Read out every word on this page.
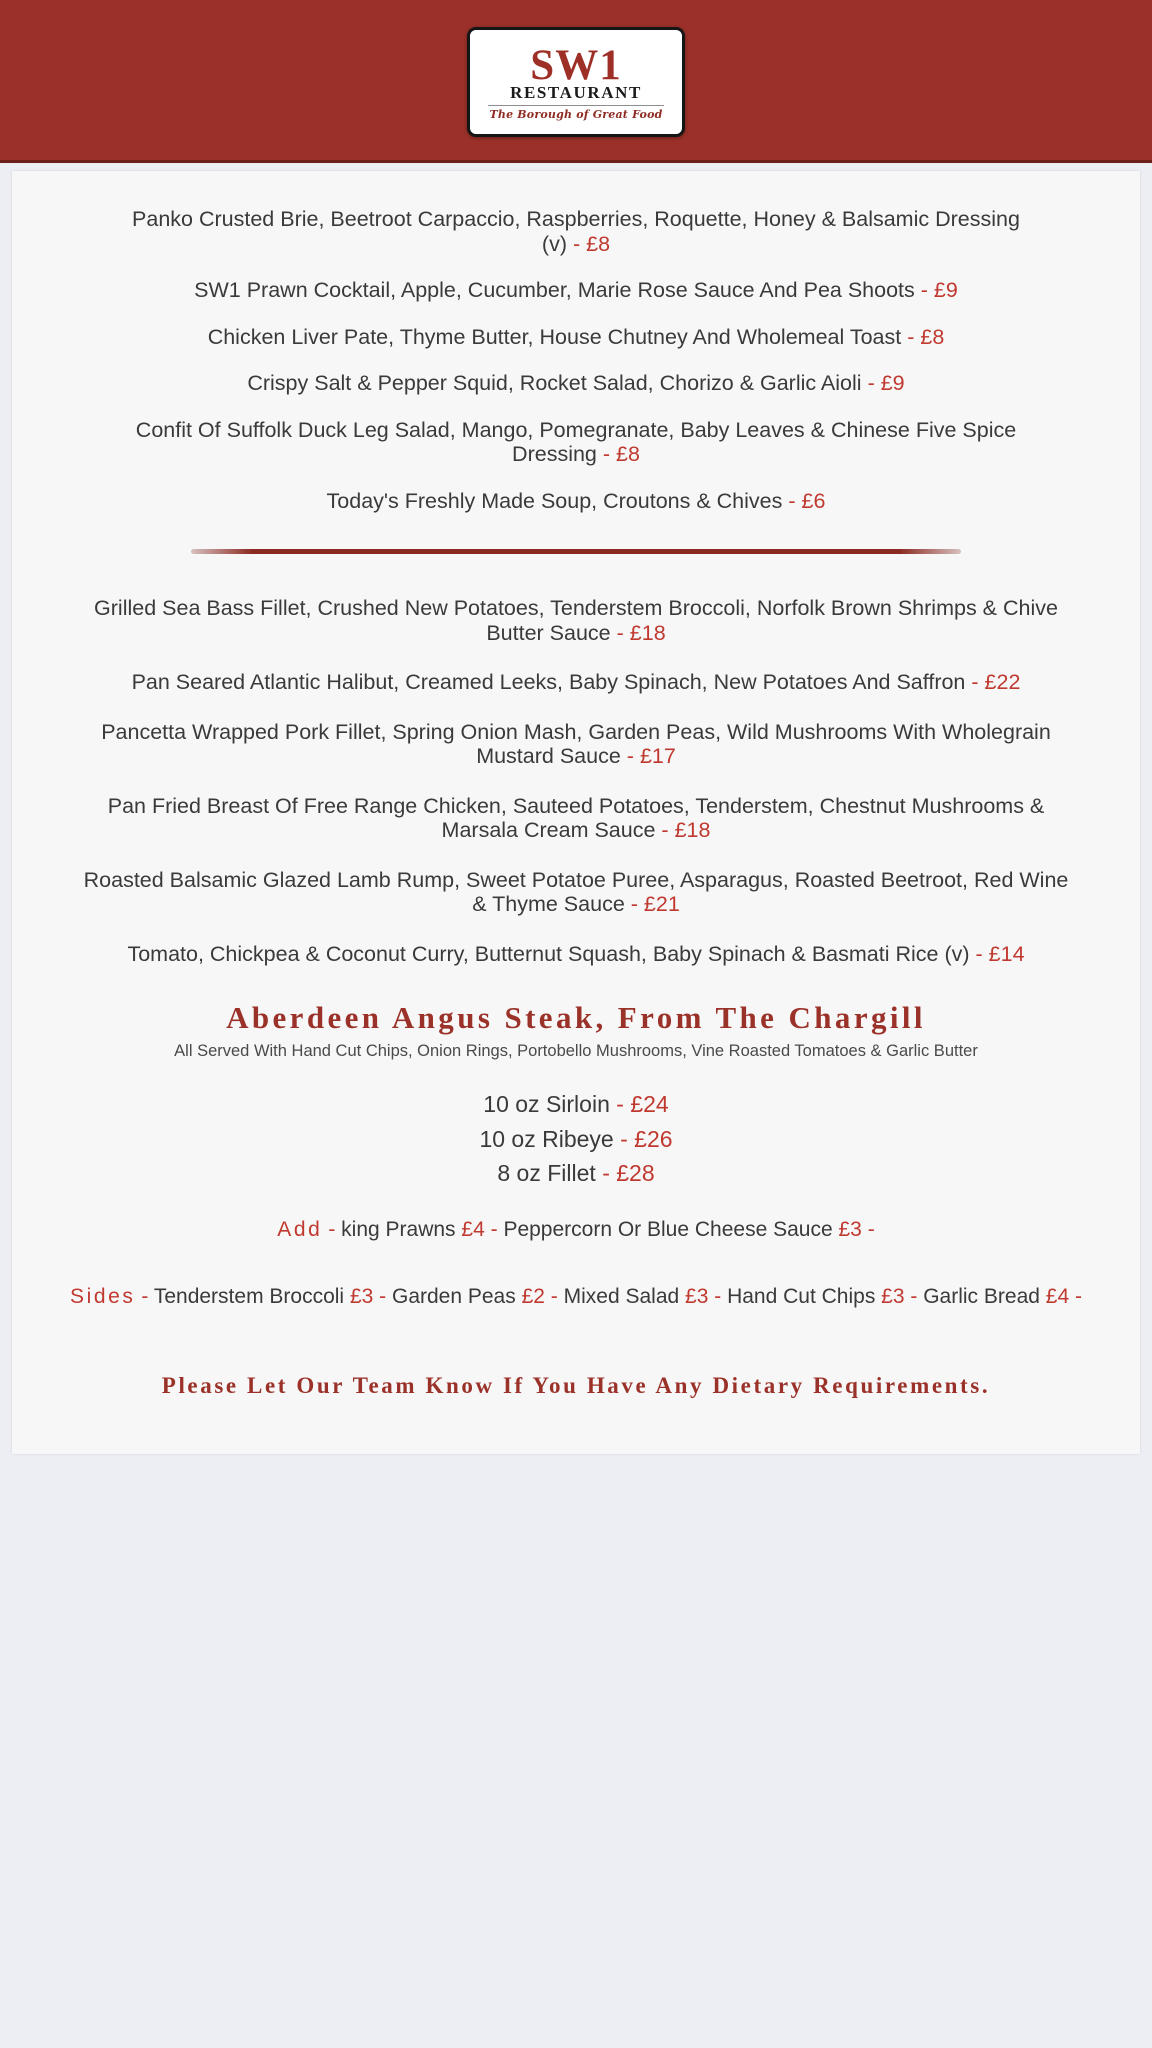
SW1
RESTAURANT
The Borough of Great Food

Panko Crusted Brie, Beetroot Carpaccio, Raspberries, Roquette, Honey & Balsamic Dressing (v) - £8

SW1 Prawn Cocktail, Apple, Cucumber, Marie Rose Sauce And Pea Shoots - £9

Chicken Liver Pate, Thyme Butter, House Chutney And Wholemeal Toast - £8

Crispy Salt & Pepper Squid, Rocket Salad, Chorizo & Garlic Aioli - £9

Confit Of Suffolk Duck Leg Salad, Mango, Pomegranate, Baby Leaves & Chinese Five Spice Dressing - £8

Today's Freshly Made Soup, Croutons & Chives - £6

Grilled Sea Bass Fillet, Crushed New Potatoes, Tenderstem Broccoli, Norfolk Brown Shrimps & Chive Butter Sauce - £18

Pan Seared Atlantic Halibut, Creamed Leeks, Baby Spinach, New Potatoes And Saffron - £22

Pancetta Wrapped Pork Fillet, Spring Onion Mash, Garden Peas, Wild Mushrooms With Wholegrain Mustard Sauce - £17

Pan Fried Breast Of Free Range Chicken, Sauteed Potatoes, Tenderstem, Chestnut Mushrooms & Marsala Cream Sauce - £18

Roasted Balsamic Glazed Lamb Rump, Sweet Potatoe Puree, Asparagus, Roasted Beetroot, Red Wine & Thyme Sauce - £21

Tomato, Chickpea & Coconut Curry, Butternut Squash, Baby Spinach & Basmati Rice (v) - £14

Aberdeen Angus Steak, From The Chargill

All Served With Hand Cut Chips, Onion Rings, Portobello Mushrooms, Vine Roasted Tomatoes & Garlic Butter

10 oz Sirloin - £24

10 oz Ribeye - £26

8 oz Fillet - £28

Add - king Prawns £4 - Peppercorn Or Blue Cheese Sauce £3 -

Sides - Tenderstem Broccoli £3 - Garden Peas £2 - Mixed Salad £3 - Hand Cut Chips £3 - Garlic Bread £4 -

Please Let Our Team Know If You Have Any Dietary Requirements.
